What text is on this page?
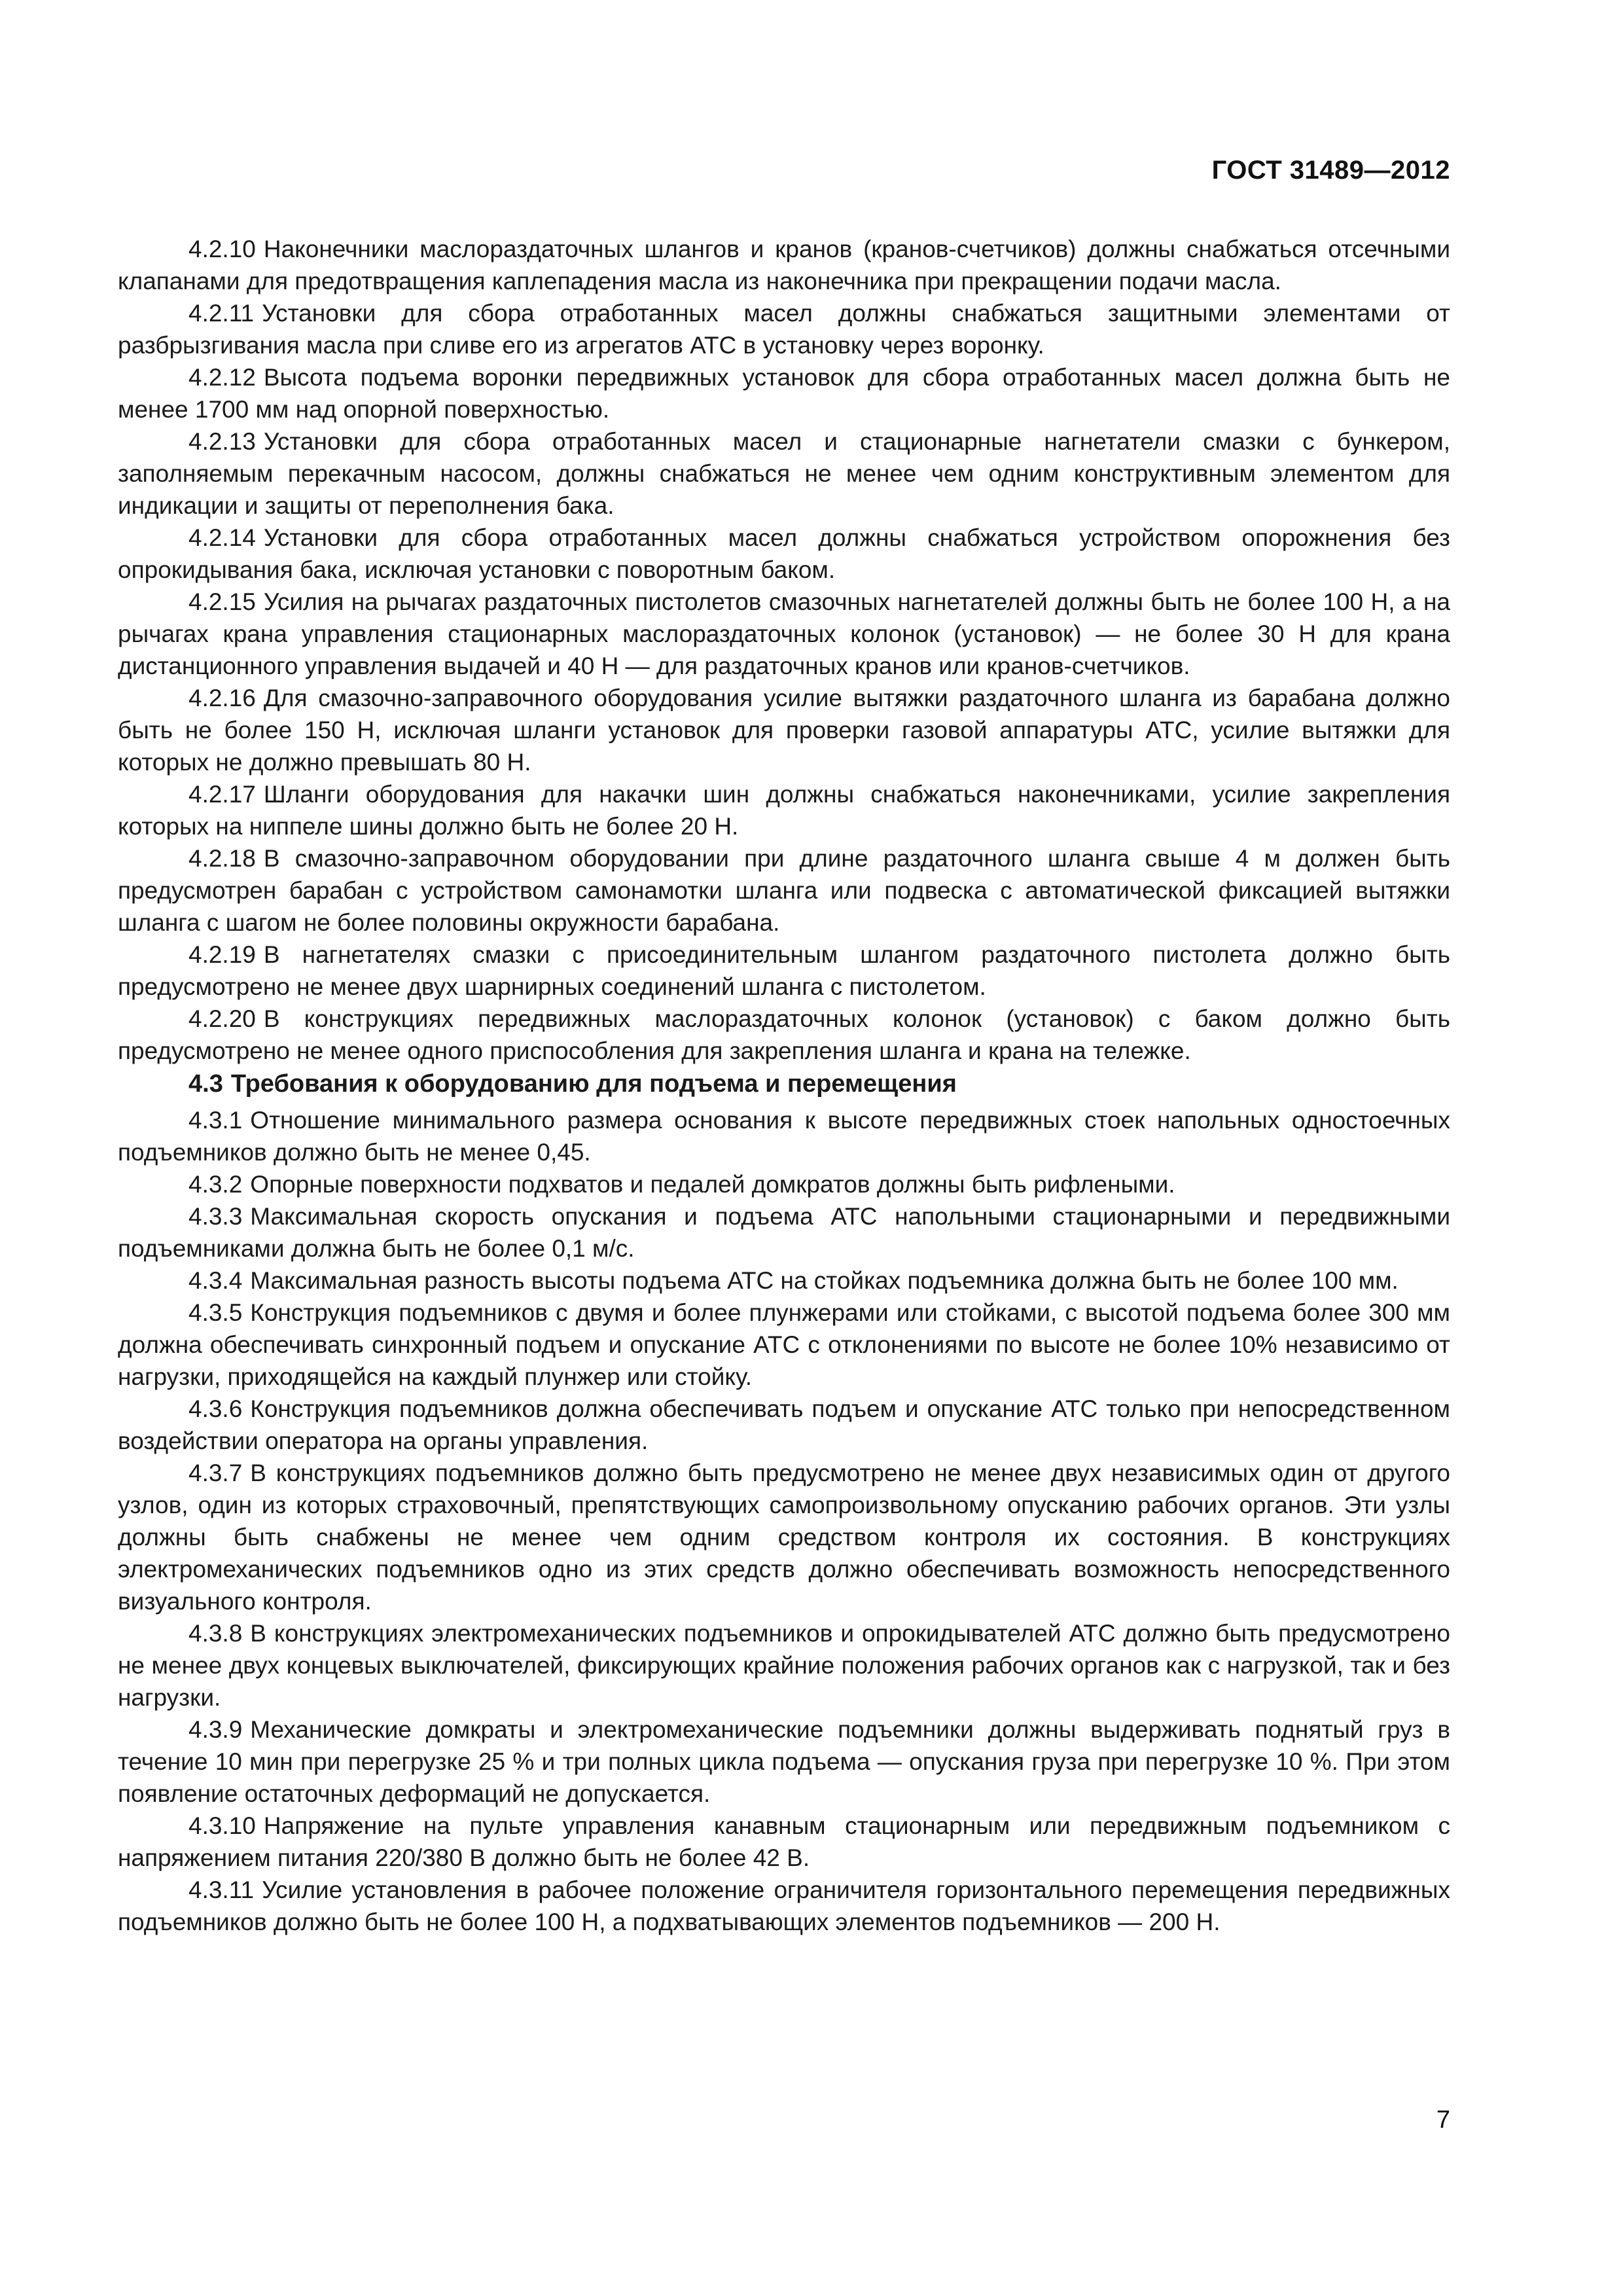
ГОСТ 31489—2012

4.2.10 Наконечники маслораздаточных шлангов и кранов (кранов-счетчиков) должны снабжаться отсечными клапанами для предотвращения каплепадения масла из наконечника при прекращении подачи масла.

4.2.11 Установки для сбора отработанных масел должны снабжаться защитными элементами от разбрызгивания масла при сливе его из агрегатов АТС в установку через воронку.

4.2.12 Высота подъема воронки передвижных установок для сбора отработанных масел должна быть не менее 1700 мм над опорной поверхностью.

4.2.13 Установки для сбора отработанных масел и стационарные нагнетатели смазки с бункером, заполняемым перекачным насосом, должны снабжаться не менее чем одним конструктивным элементом для индикации и защиты от переполнения бака.

4.2.14 Установки для сбора отработанных масел должны снабжаться устройством опорожнения без опрокидывания бака, исключая установки с поворотным баком.

4.2.15 Усилия на рычагах раздаточных пистолетов смазочных нагнетателей должны быть не более 100 Н, а на рычагах крана управления стационарных маслораздаточных колонок (установок) — не более 30 Н для крана дистанционного управления выдачей и 40 Н — для раздаточных кранов или кранов-счетчиков.

4.2.16 Для смазочно-заправочного оборудования усилие вытяжки раздаточного шланга из барабана должно быть не более 150 Н, исключая шланги установок для проверки газовой аппаратуры АТС, усилие вытяжки для которых не должно превышать 80 Н.

4.2.17 Шланги оборудования для накачки шин должны снабжаться наконечниками, усилие закрепления которых на ниппеле шины должно быть не более 20 Н.

4.2.18 В смазочно-заправочном оборудовании при длине раздаточного шланга свыше 4 м должен быть предусмотрен барабан с устройством самонамотки шланга или подвеска с автоматической фиксацией вытяжки шланга с шагом не более половины окружности барабана.

4.2.19 В нагнетателях смазки с присоединительным шлангом раздаточного пистолета должно быть предусмотрено не менее двух шарнирных соединений шланга с пистолетом.

4.2.20 В конструкциях передвижных маслораздаточных колонок (установок) с баком должно быть предусмотрено не менее одного приспособления для закрепления шланга и крана на тележке.

4.3 Требования к оборудованию для подъема и перемещения

4.3.1 Отношение минимального размера основания к высоте передвижных стоек напольных одностоечных подъемников должно быть не менее 0,45.

4.3.2 Опорные поверхности подхватов и педалей домкратов должны быть рифлеными.

4.3.3 Максимальная скорость опускания и подъема АТС напольными стационарными и передвижными подъемниками должна быть не более 0,1 м/с.

4.3.4 Максимальная разность высоты подъема АТС на стойках подъемника должна быть не более 100 мм.

4.3.5 Конструкция подъемников с двумя и более плунжерами или стойками, с высотой подъема более 300 мм должна обеспечивать синхронный подъем и опускание АТС с отклонениями по высоте не более 10% независимо от нагрузки, приходящейся на каждый плунжер или стойку.

4.3.6 Конструкция подъемников должна обеспечивать подъем и опускание АТС только при непосредственном воздействии оператора на органы управления.

4.3.7 В конструкциях подъемников должно быть предусмотрено не менее двух независимых один от другого узлов, один из которых страховочный, препятствующих самопроизвольному опусканию рабочих органов. Эти узлы должны быть снабжены не менее чем одним средством контроля их состояния. В конструкциях электромеханических подъемников одно из этих средств должно обеспечивать возможность непосредственного визуального контроля.

4.3.8 В конструкциях электромеханических подъемников и опрокидывателей АТС должно быть предусмотрено не менее двух концевых выключателей, фиксирующих крайние положения рабочих органов как с нагрузкой, так и без нагрузки.

4.3.9 Механические домкраты и электромеханические подъемники должны выдерживать поднятый груз в течение 10 мин при перегрузке 25 % и три полных цикла подъема — опускания груза при перегрузке 10 %. При этом появление остаточных деформаций не допускается.

4.3.10 Напряжение на пульте управления канавным стационарным или передвижным подъемником с напряжением питания 220/380 В должно быть не более 42 В.

4.3.11 Усилие установления в рабочее положение ограничителя горизонтального перемещения передвижных подъемников должно быть не более 100 Н, а подхватывающих элементов подъемников — 200 Н.

7
